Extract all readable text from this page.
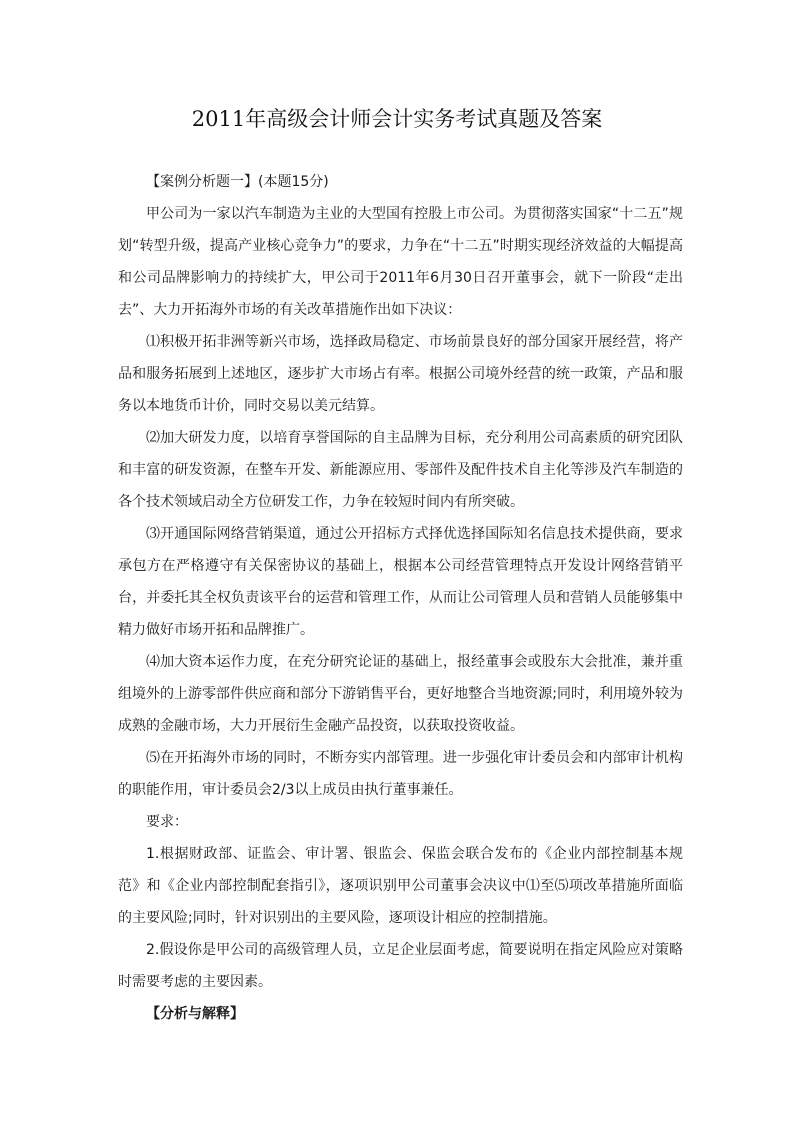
2011年高级会计师会计实务考试真题及答案

【案例分析题一】(本题15分)

甲公司为一家以汽车制造为主业的大型国有控股上市公司。为贯彻落实国家“十二五”规划“转型升级，提高产业核心竞争力”的要求，力争在“十二五”时期实现经济效益的大幅提高和公司品牌影响力的持续扩大，甲公司于2011年6月30日召开董事会，就下一阶段“走出去”、大力开拓海外市场的有关改革措施作出如下决议：

⑴积极开拓非洲等新兴市场，选择政局稳定、市场前景良好的部分国家开展经营，将产品和服务拓展到上述地区，逐步扩大市场占有率。根据公司境外经营的统一政策，产品和服务以本地货币计价，同时交易以美元结算。

⑵加大研发力度，以培育享誉国际的自主品牌为目标，充分利用公司高素质的研究团队和丰富的研发资源，在整车开发、新能源应用、零部件及配件技术自主化等涉及汽车制造的各个技术领域启动全方位研发工作，力争在较短时间内有所突破。

⑶开通国际网络营销渠道，通过公开招标方式择优选择国际知名信息技术提供商，要求承包方在严格遵守有关保密协议的基础上，根据本公司经营管理特点开发设计网络营销平台，并委托其全权负责该平台的运营和管理工作，从而让公司管理人员和营销人员能够集中精力做好市场开拓和品牌推广。

⑷加大资本运作力度，在充分研究论证的基础上，报经董事会或股东大会批准，兼并重组境外的上游零部件供应商和部分下游销售平台，更好地整合当地资源;同时，利用境外较为成熟的金融市场，大力开展衍生金融产品投资，以获取投资收益。

⑸在开拓海外市场的同时，不断夯实内部管理。进一步强化审计委员会和内部审计机构的职能作用，审计委员会2/3以上成员由执行董事兼任。

要求：

1.根据财政部、证监会、审计署、银监会、保监会联合发布的《企业内部控制基本规范》和《企业内部控制配套指引》，逐项识别甲公司董事会决议中⑴至⑸项改革措施所面临的主要风险;同时，针对识别出的主要风险，逐项设计相应的控制措施。

2.假设你是甲公司的高级管理人员，立足企业层面考虑，简要说明在指定风险应对策略时需要考虑的主要因素。

【分析与解释】
